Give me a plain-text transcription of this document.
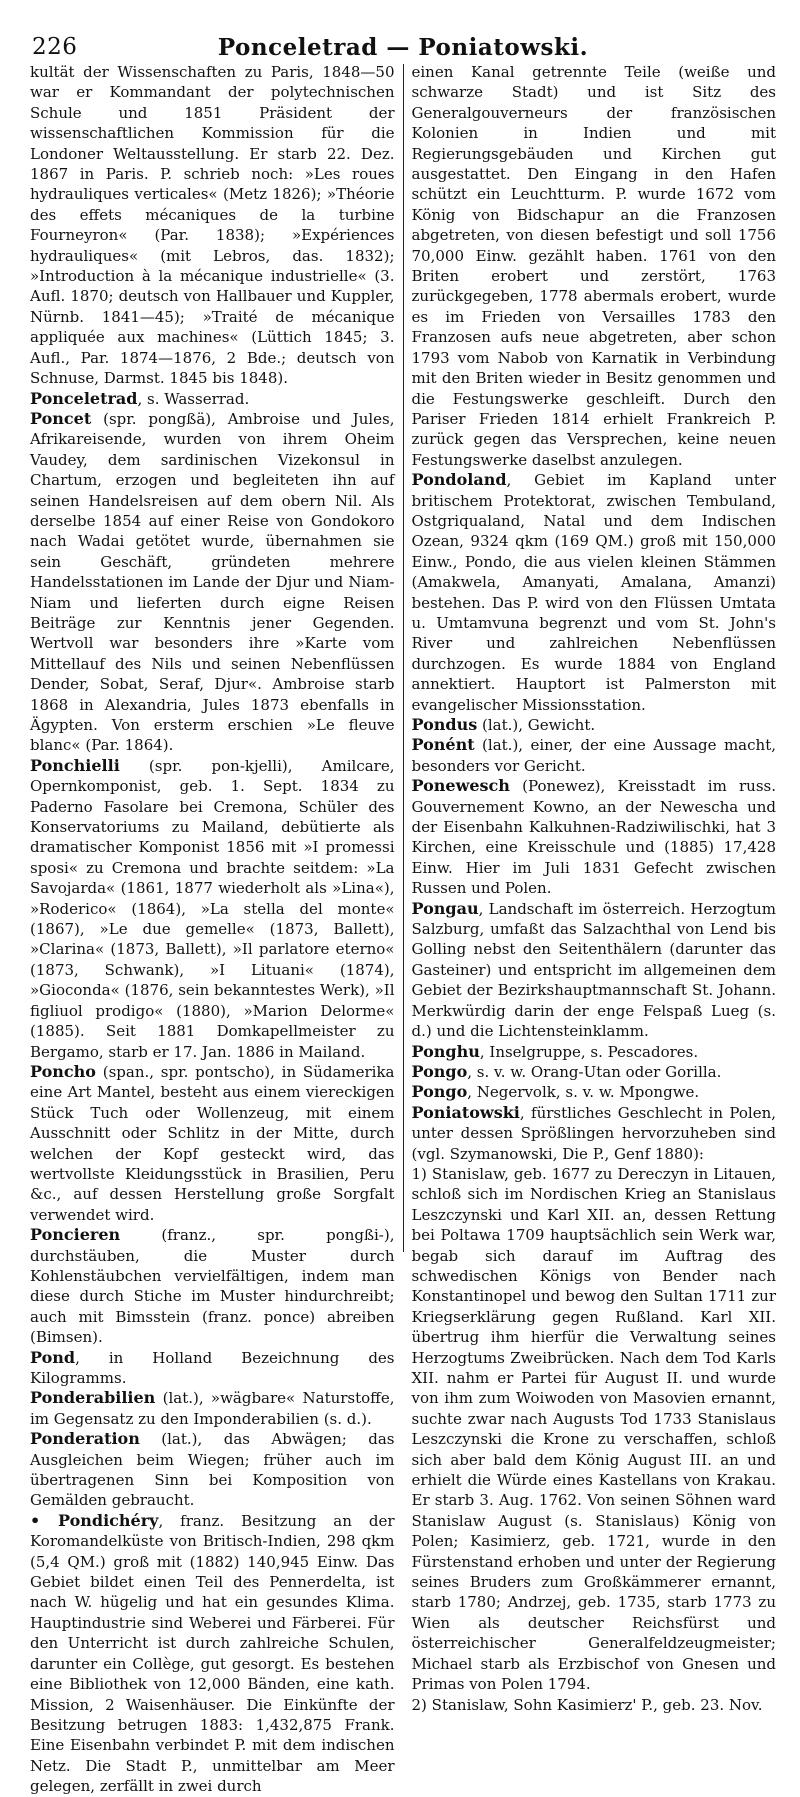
226	Ponceletrad — Poniatowski.

kultät der Wissenschaften zu Paris, 1848—50 war er Kommandant der polytechnischen Schule und 1851 Präsident der wissenschaftlichen Kommission für die Londoner Weltausstellung. Er starb 22. Dez. 1867 in Paris. P. schrieb noch: »Les roues hydrauliques verticales« (Metz 1826); »Théorie des effets mécaniques de la turbine Fourneyron« (Par. 1838); »Expériences hydrauliques« (mit Lebros, das. 1832); »Introduction à la mécanique industrielle« (3. Aufl. 1870; deutsch von Hallbauer und Kuppler, Nürnb. 1841—45); »Traité de mécanique appliquée aux machines« (Lüttich 1845; 3. Aufl., Par. 1874—1876, 2 Bde.; deutsch von Schnuse, Darmst. 1845 bis 1848).

Ponceletrad, s. Wasserrad.

Poncet (spr. pongßä), Ambroise und Jules, Afrikareisende, wurden von ihrem Oheim Vaudey, dem sardinischen Vizekonsul in Chartum, erzogen und begleiteten ihn auf seinen Handelsreisen auf dem obern Nil. Als derselbe 1854 auf einer Reise von Gondokoro nach Wadai getötet wurde, übernahmen sie sein Geschäft, gründeten mehrere Handelsstationen im Lande der Djur und Niam-Niam und lieferten durch eigne Reisen Beiträge zur Kenntnis jener Gegenden. Wertvoll war besonders ihre »Karte vom Mittellauf des Nils und seinen Nebenflüssen Dender, Sobat, Seraf, Djur«. Ambroise starb 1868 in Alexandria, Jules 1873 ebenfalls in Ägypten. Von ersterm erschien »Le fleuve blanc« (Par. 1864).

Ponchielli (spr. pon-kjelli), Amilcare, Opernkomponist, geb. 1. Sept. 1834 zu Paderno Fasolare bei Cremona, Schüler des Konservatoriums zu Mailand, debütierte als dramatischer Komponist 1856 mit »I promessi sposi« zu Cremona und brachte seitdem: »La Savojarda« (1861, 1877 wiederholt als »Lina«), »Roderico« (1864), »La stella del monte« (1867), »Le due gemelle« (1873, Ballett), »Clarina« (1873, Ballett), »Il parlatore eterno« (1873, Schwank), »I Lituani« (1874), »Gioconda« (1876, sein bekanntestes Werk), »Il figliuol prodigo« (1880), »Marion Delorme« (1885). Seit 1881 Domkapellmeister zu Bergamo, starb er 17. Jan. 1886 in Mailand.

Poncho (span., spr. pontscho), in Südamerika eine Art Mantel, besteht aus einem viereckigen Stück Tuch oder Wollenzeug, mit einem Ausschnitt oder Schlitz in der Mitte, durch welchen der Kopf gesteckt wird, das wertvollste Kleidungsstück in Brasilien, Peru &c., auf dessen Herstellung große Sorgfalt verwendet wird.

Poncieren (franz., spr. pongßi-), durchstäuben, die Muster durch Kohlenstäubchen vervielfältigen, indem man diese durch Stiche im Muster hindurchreibt; auch mit Bimsstein (franz. ponce) abreiben (Bimsen).

Pond, in Holland Bezeichnung des Kilogramms.

Ponderabilien (lat.), »wägbare« Naturstoffe, im Gegensatz zu den Imponderabilien (s. d.).

Ponderation (lat.), das Abwägen; das Ausgleichen beim Wiegen; früher auch im übertragenen Sinn bei Komposition von Gemälden gebraucht.

• Pondichéry, franz. Besitzung an der Koromandelküste von Britisch-Indien, 298 qkm (5,4 QM.) groß mit (1882) 140,945 Einw. Das Gebiet bildet einen Teil des Pennerdelta, ist nach W. hügelig und hat ein gesundes Klima. Hauptindustrie sind Weberei und Färberei. Für den Unterricht ist durch zahlreiche Schulen, darunter ein Collège, gut gesorgt. Es bestehen eine Bibliothek von 12,000 Bänden, eine kath. Mission, 2 Waisenhäuser. Die Einkünfte der Besitzung betrugen 1883: 1,432,875 Frank. Eine Eisenbahn verbindet P. mit dem indischen Netz. Die Stadt P., unmittelbar am Meer gelegen, zerfällt in zwei durch

einen Kanal getrennte Teile (weiße und schwarze Stadt) und ist Sitz des Generalgouverneurs der französischen Kolonien in Indien und mit Regierungsgebäuden und Kirchen gut ausgestattet. Den Eingang in den Hafen schützt ein Leuchtturm. P. wurde 1672 vom König von Bidschapur an die Franzosen abgetreten, von diesen befestigt und soll 1756 70,000 Einw. gezählt haben. 1761 von den Briten erobert und zerstört, 1763 zurückgegeben, 1778 abermals erobert, wurde es im Frieden von Versailles 1783 den Franzosen aufs neue abgetreten, aber schon 1793 vom Nabob von Karnatik in Verbindung mit den Briten wieder in Besitz genommen und die Festungswerke geschleift. Durch den Pariser Frieden 1814 erhielt Frankreich P. zurück gegen das Versprechen, keine neuen Festungswerke daselbst anzulegen.

Pondoland, Gebiet im Kapland unter britischem Protektorat, zwischen Tembuland, Ostgriqualand, Natal und dem Indischen Ozean, 9324 qkm (169 QM.) groß mit 150,000 Einw., Pondo, die aus vielen kleinen Stämmen (Amakwela, Amanyati, Amalana, Amanzi) bestehen. Das P. wird von den Flüssen Umtata u. Umtamvuna begrenzt und vom St. John's River und zahlreichen Nebenflüssen durchzogen. Es wurde 1884 von England annektiert. Hauptort ist Palmerston mit evangelischer Missionsstation.

Pondus (lat.), Gewicht.

Ponént (lat.), einer, der eine Aussage macht, besonders vor Gericht.

Ponewesch (Ponewez), Kreisstadt im russ. Gouvernement Kowno, an der Newescha und der Eisenbahn Kalkuhnen-Radziwilischki, hat 3 Kirchen, eine Kreisschule und (1885) 17,428 Einw. Hier im Juli 1831 Gefecht zwischen Russen und Polen.

Pongau, Landschaft im österreich. Herzogtum Salzburg, umfaßt das Salzachthal von Lend bis Golling nebst den Seitenthälern (darunter das Gasteiner) und entspricht im allgemeinen dem Gebiet der Bezirkshauptmannschaft St. Johann. Merkwürdig darin der enge Felspaß Lueg (s. d.) und die Lichtensteinklamm.

Ponghu, Inselgruppe, s. Pescadores.

Pongo, s. v. w. Orang-Utan oder Gorilla.

Pongo, Negervolk, s. v. w. Mpongwe.

Poniatowski, fürstliches Geschlecht in Polen, unter dessen Sprößlingen hervorzuheben sind (vgl. Szymanowski, Die P., Genf 1880):

1) Stanislaw, geb. 1677 zu Dereczyn in Litauen, schloß sich im Nordischen Krieg an Stanislaus Leszczynski und Karl XII. an, dessen Rettung bei Poltawa 1709 hauptsächlich sein Werk war, begab sich darauf im Auftrag des schwedischen Königs von Bender nach Konstantinopel und bewog den Sultan 1711 zur Kriegserklärung gegen Rußland. Karl XII. übertrug ihm hierfür die Verwaltung seines Herzogtums Zweibrücken. Nach dem Tod Karls XII. nahm er Partei für August II. und wurde von ihm zum Woiwoden von Masovien ernannt, suchte zwar nach Augusts Tod 1733 Stanislaus Leszczynski die Krone zu verschaffen, schloß sich aber bald dem König August III. an und erhielt die Würde eines Kastellans von Krakau. Er starb 3. Aug. 1762. Von seinen Söhnen ward Stanislaw August (s. Stanislaus) König von Polen; Kasimierz, geb. 1721, wurde in den Fürstenstand erhoben und unter der Regierung seines Bruders zum Großkämmerer ernannt, starb 1780; Andrzej, geb. 1735, starb 1773 zu Wien als deutscher Reichsfürst und österreichischer Generalfeldzeugmeister; Michael starb als Erzbischof von Gnesen und Primas von Polen 1794.

2) Stanislaw, Sohn Kasimierz' P., geb. 23. Nov.
